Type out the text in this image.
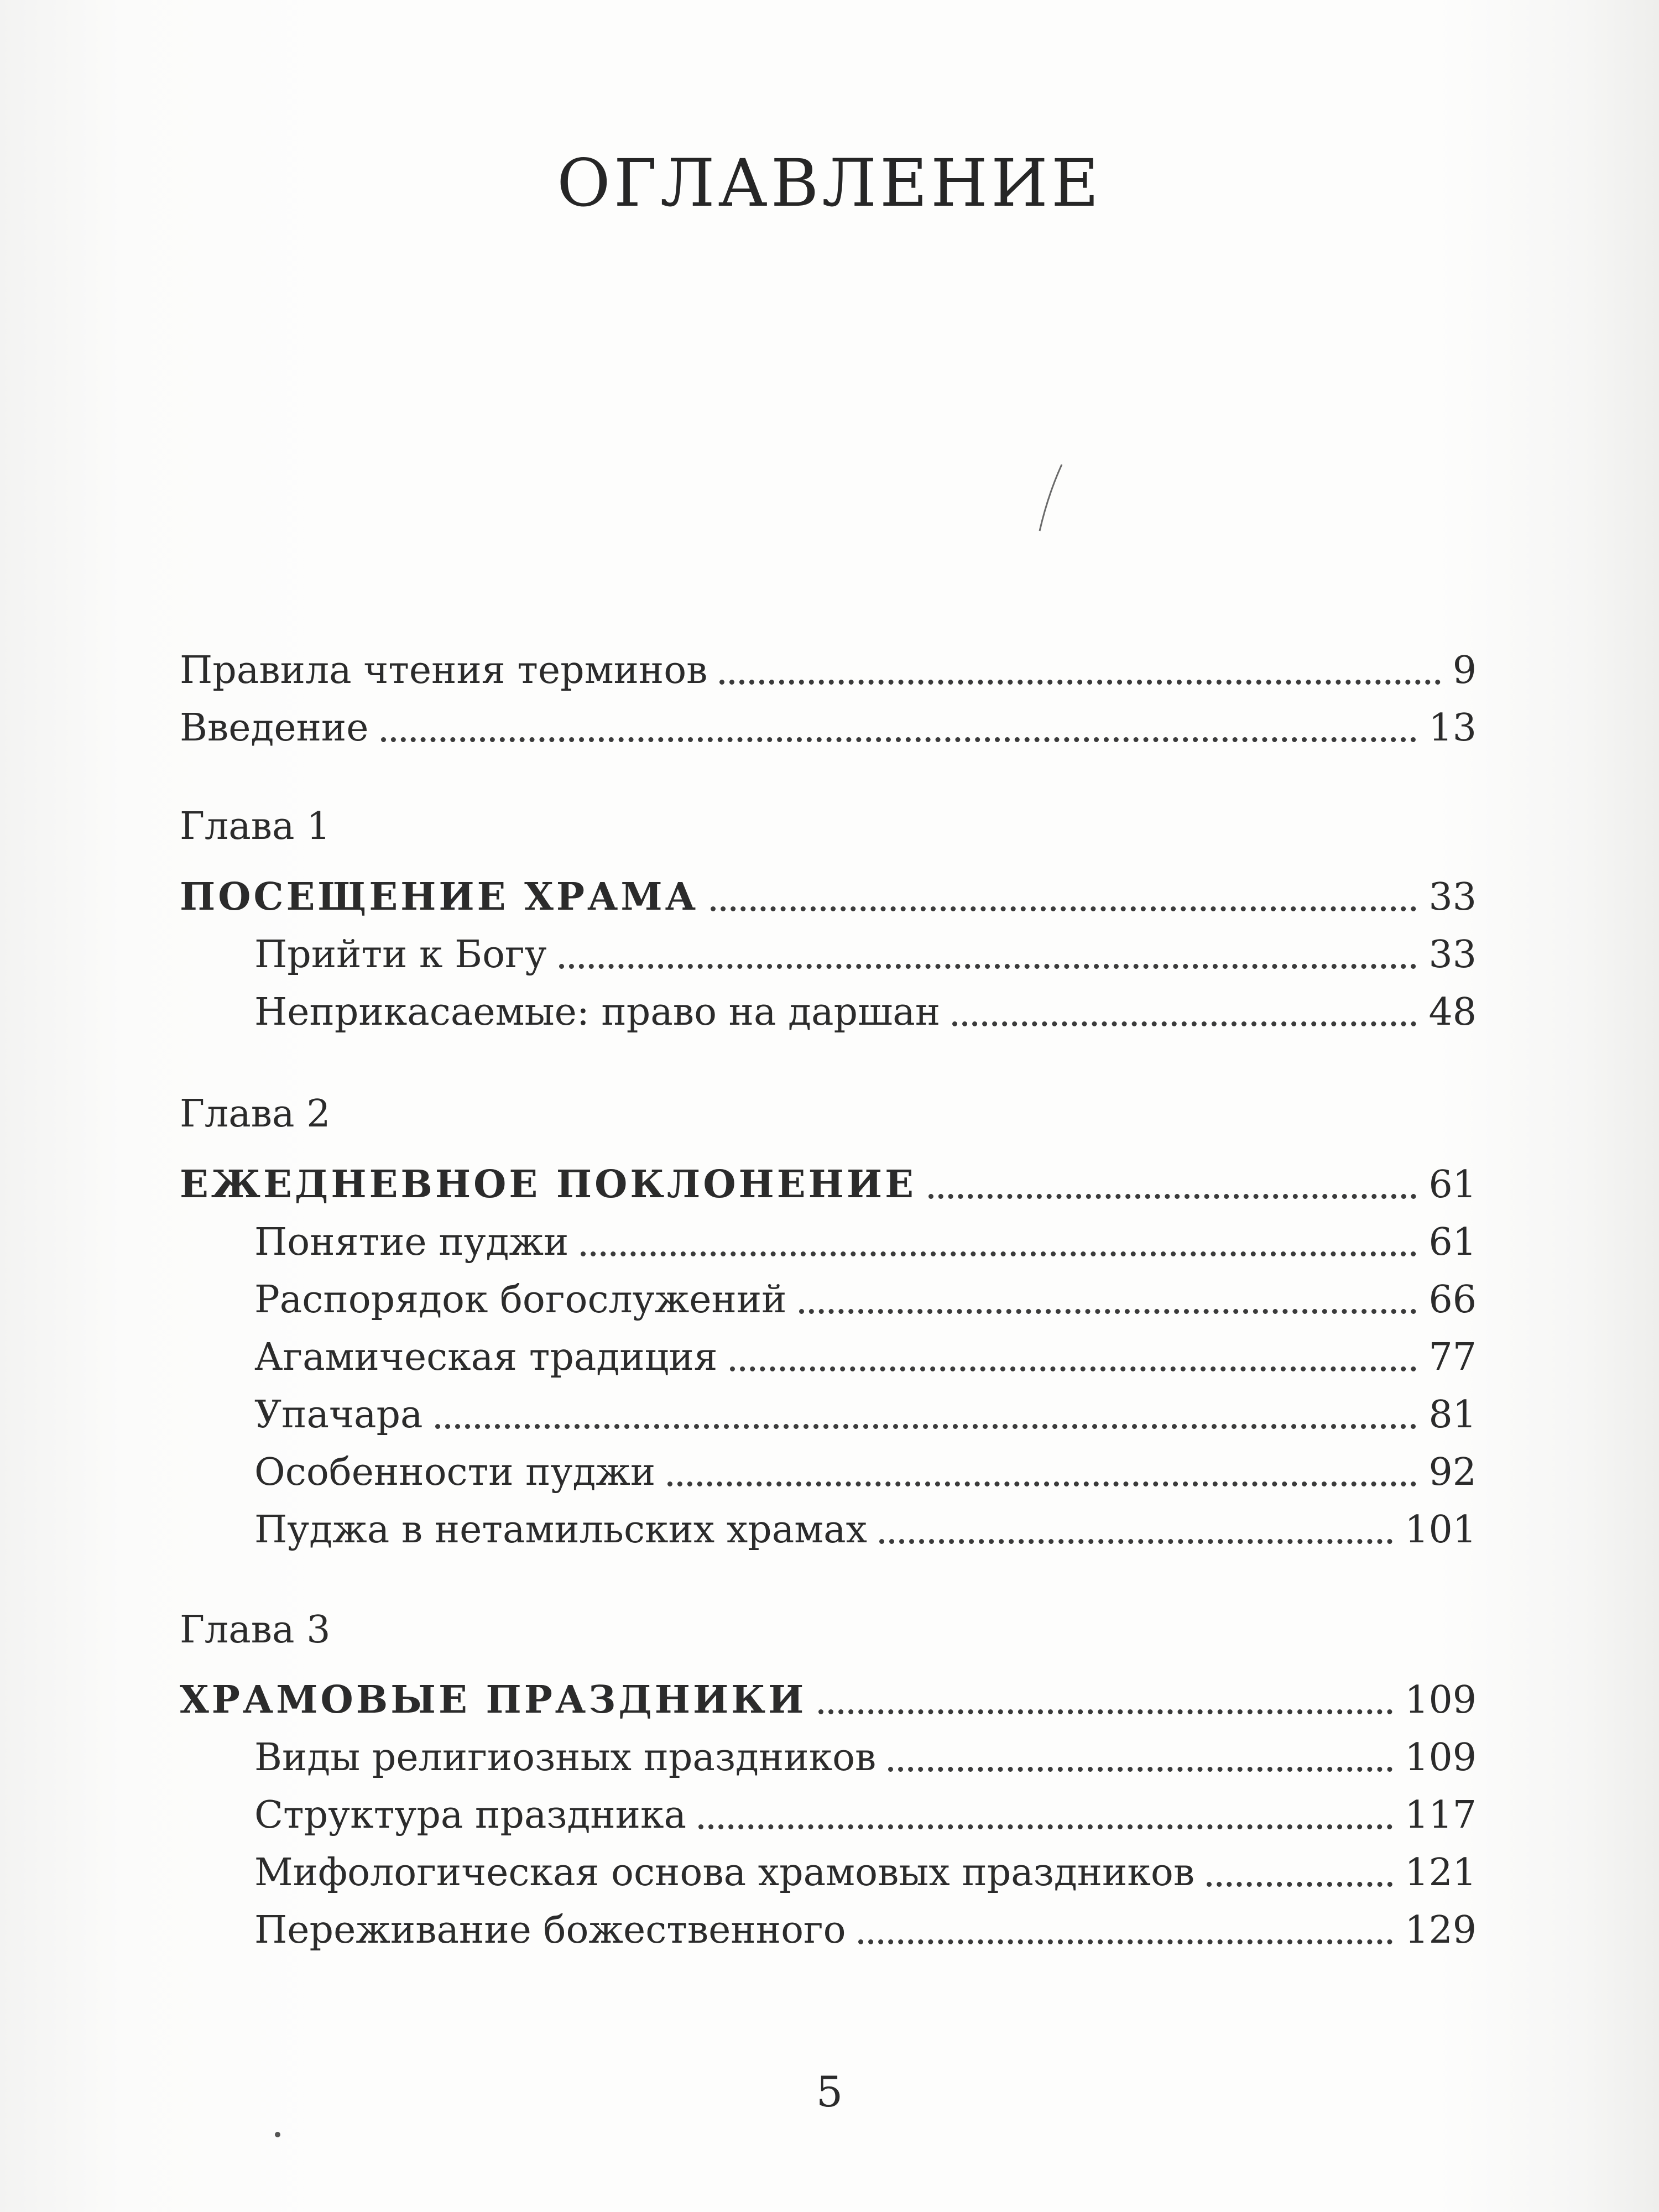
ОГЛАВЛЕНИЕ
Правила чтения терминов	9
Введение	13
Глава 1
ПОСЕЩЕНИЕ ХРАМА	33
Прийти к Богу	33
Неприкасаемые: право на даршан	48
Глава 2
ЕЖЕДНЕВНОЕ ПОКЛОНЕНИЕ	61
Понятие пуджи	61
Распорядок богослужений	66
Агамическая традиция	77
Упачара	81
Особенности пуджи	92
Пуджа в нетамильских храмах	101
Глава 3
ХРАМОВЫЕ ПРАЗДНИКИ	109
Виды религиозных праздников	109
Структура праздника	117
Мифологическая основа храмовых праздников	121
Переживание божественного	129
5
